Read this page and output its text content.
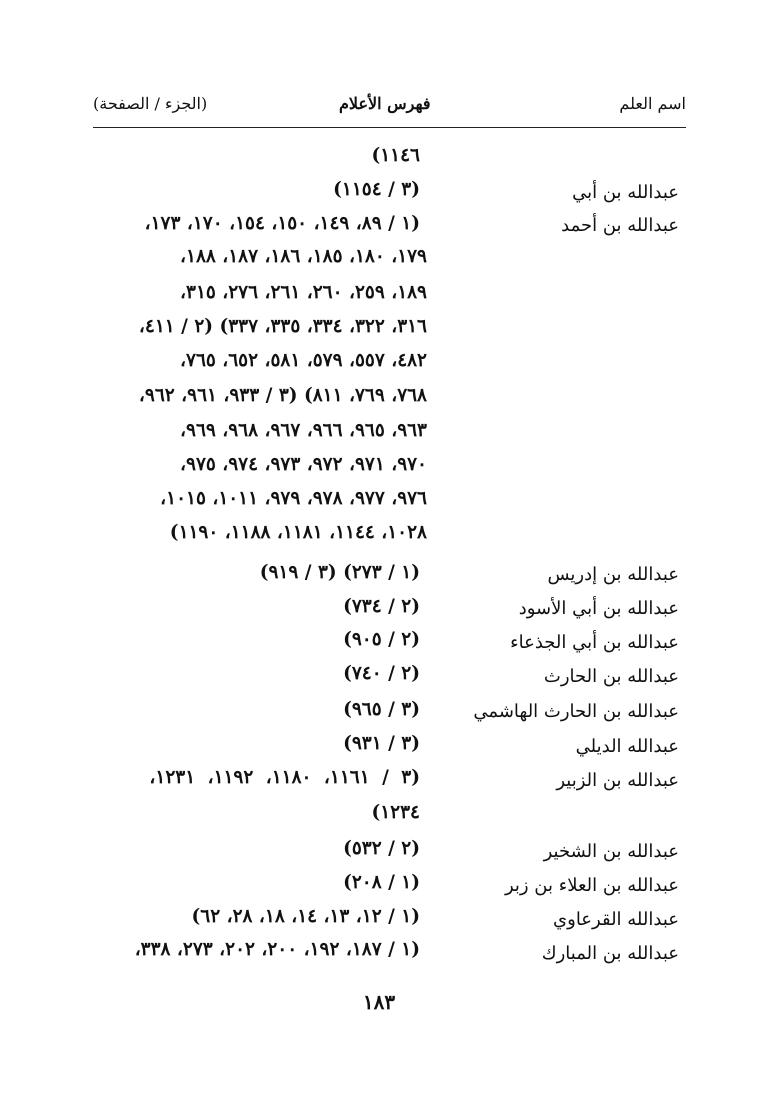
اسم العلم
فهرس الأعلام
(الجزء / الصفحة)
عبدالله بن أبي
عبدالله بن أحمد
عبدالله بن إدريس
عبدالله بن أبي الأسود
عبدالله بن أبي الجذعاء
عبدالله بن الحارث
عبدالله بن الحارث الهاشمي
عبدالله الديلي
عبدالله بن الزبير
عبدالله بن الشخير
عبدالله بن العلاء بن زبر
عبدالله القرعاوي
عبدالله بن المبارك
١١٤٦)
(٣ / ١١٥٤)
(١ / ٨٩، ١٤٩، ١٥٠، ١٥٤، ١٧٠، ١٧٣،
١٧٩، ١٨٠، ١٨٥، ١٨٦، ١٨٧، ١٨٨،
١٨٩، ٢٥٩، ٢٦٠، ٢٦١، ٢٧٦، ٣١٥،
٣١٦، ٣٢٢، ٣٣٤، ٣٣٥، ٣٣٧) (٢ / ٤١١،
٤٨٢، ٥٥٧، ٥٧٩، ٥٨١، ٦٥٢، ٧٦٥،
٧٦٨، ٧٦٩، ٨١١) (٣ / ٩٣٣، ٩٦١، ٩٦٢،
٩٦٣، ٩٦٥، ٩٦٦، ٩٦٧، ٩٦٨، ٩٦٩،
٩٧٠، ٩٧١، ٩٧٢، ٩٧٣، ٩٧٤، ٩٧٥،
٩٧٦، ٩٧٧، ٩٧٨، ٩٧٩، ١٠١١، ١٠١٥،
١٠٢٨، ١١٤٤، ١١٨١، ١١٨٨، ١١٩٠)
(١ / ٢٧٣) (٣ / ٩١٩)
(٢ / ٧٣٤)
(٢ / ٩٠٥)
(٢ / ٧٤٠)
(٣ / ٩٦٥)
(٣ / ٩٣١)
(٣ / ١١٦١، ١١٨٠، ١١٩٢، ١٢٣١،
١٢٣٤)
(٢ / ٥٣٢)
(١ / ٢٠٨)
(١ / ١٢، ١٣، ١٤، ١٨، ٢٨، ٦٢)
(١ / ١٨٧، ١٩٢، ٢٠٠، ٢٠٢، ٢٧٣، ٣٣٨،
١٨٣
